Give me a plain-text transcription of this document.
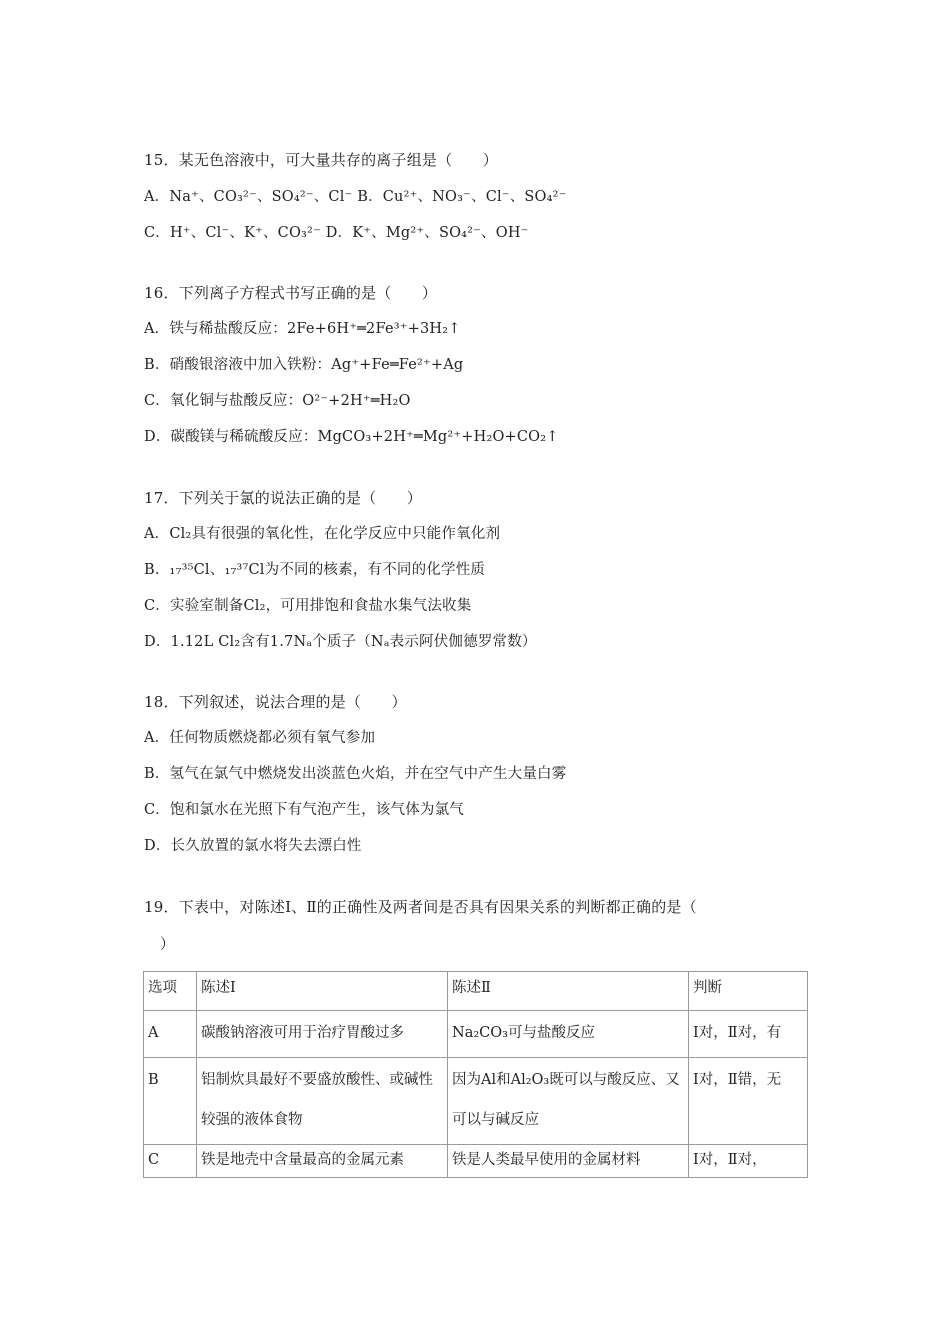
15．某无色溶液中，可大量共存的离子组是（　　）
A．Na⁺、CO₃²⁻、SO₄²⁻、Cl⁻ B．Cu²⁺、NO₃⁻、Cl⁻、SO₄²⁻
C．H⁺、Cl⁻、K⁺、CO₃²⁻ D．K⁺、Mg²⁺、SO₄²⁻、OH⁻
16．下列离子方程式书写正确的是（　　）
A．铁与稀盐酸反应：2Fe+6H⁺═2Fe³⁺+3H₂↑
B．硝酸银溶液中加入铁粉：Ag⁺+Fe═Fe²⁺+Ag
C．氧化铜与盐酸反应：O²⁻+2H⁺═H₂O
D．碳酸镁与稀硫酸反应：MgCO₃+2H⁺═Mg²⁺+H₂O+CO₂↑
17．下列关于氯的说法正确的是（　　）
A．Cl₂具有很强的氧化性，在化学反应中只能作氧化剂
B．₁₇³⁵Cl、₁₇³⁷Cl为不同的核素，有不同的化学性质
C．实验室制备Cl₂，可用排饱和食盐水集气法收集
D．1.12L Cl₂含有1.7Nₐ个质子（Nₐ表示阿伏伽德罗常数）
18．下列叙述，说法合理的是（　　）
A．任何物质燃烧都必须有氧气参加
B．氢气在氯气中燃烧发出淡蓝色火焰，并在空气中产生大量白雾
C．饱和氯水在光照下有气泡产生，该气体为氯气
D．长久放置的氯水将失去漂白性
19．下表中，对陈述Ⅰ、Ⅱ的正确性及两者间是否具有因果关系的判断都正确的是（
）
选项	陈述Ⅰ	陈述Ⅱ	判断
A	碳酸钠溶液可用于治疗胃酸过多	Na₂CO₃可与盐酸反应	Ⅰ对，Ⅱ对，有
B	铝制炊具最好不要盛放酸性、或碱性较强的液体食物	因为Al和Al₂O₃既可以与酸反应、又可以与碱反应	Ⅰ对，Ⅱ错，无
C	铁是地壳中含量最高的金属元素	铁是人类最早使用的金属材料	Ⅰ对，Ⅱ对，
